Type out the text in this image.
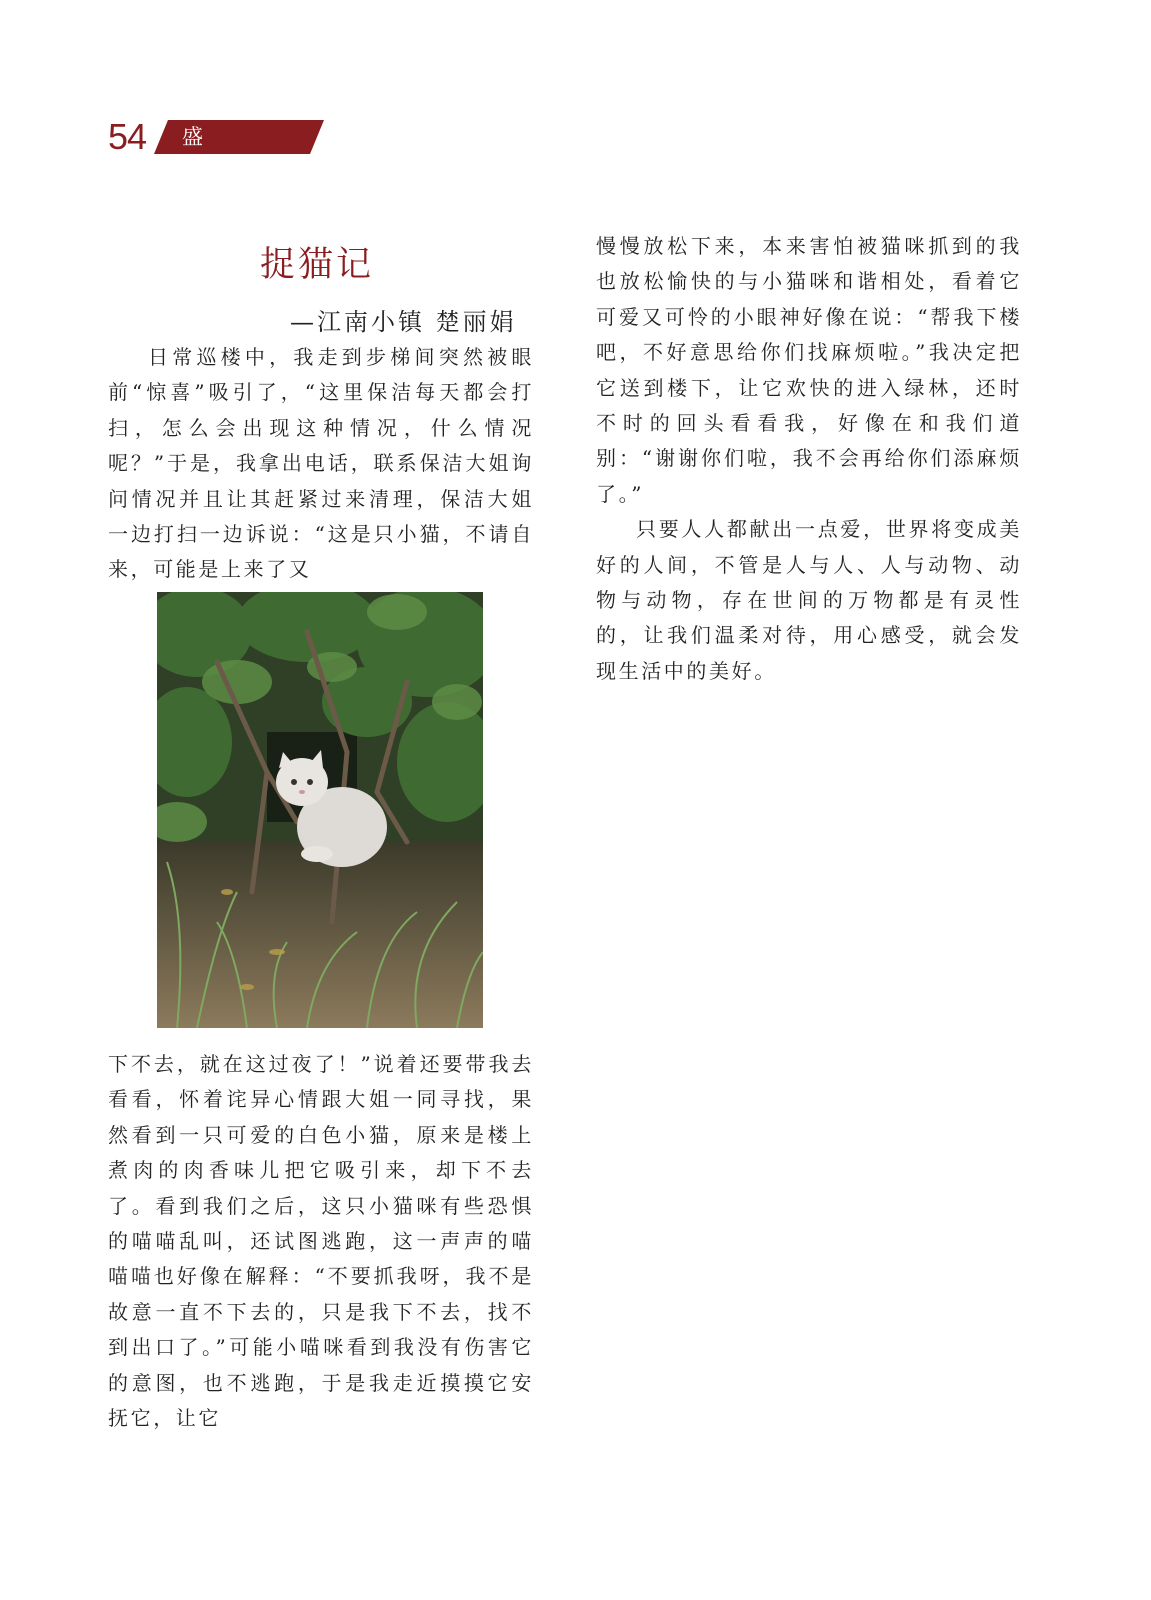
54 盛世物业
捉猫记
—江南小镇 楚丽娟

日常巡楼中，我走到步梯间突然被眼前“惊喜”吸引了，“这里保洁每天都会打扫，怎么会出现这种情况，什么情况呢？”于是，我拿出电话，联系保洁大姐询问情况并且让其赶紧过来清理，保洁大姐一边打扫一边诉说：“这是只小猫，不请自来，可能是上来了又

下不去，就在这过夜了！”说着还要带我去看看，怀着诧异心情跟大姐一同寻找，果然看到一只可爱的白色小猫，原来是楼上煮肉的肉香味儿把它吸引来，却下不去了。看到我们之后，这只小猫咪有些恐惧的喵喵乱叫，还试图逃跑，这一声声的喵喵喵也好像在解释：“不要抓我呀，我不是故意一直不下去的，只是我下不去，找不到出口了。”可能小喵咪看到我没有伤害它的意图，也不逃跑，于是我走近摸摸它安抚它，让它

慢慢放松下来，本来害怕被猫咪抓到的我也放松愉快的与小猫咪和谐相处，看着它可爱又可怜的小眼神好像在说：“帮我下楼吧，不好意思给你们找麻烦啦。”我决定把它送到楼下，让它欢快的进入绿林，还时不时的回头看看我，好像在和我们道别：“谢谢你们啦，我不会再给你们添麻烦了。”

只要人人都献出一点爱，世界将变成美好的人间，不管是人与人、人与动物、动物与动物，存在世间的万物都是有灵性的，让我们温柔对待，用心感受，就会发现生活中的美好。
